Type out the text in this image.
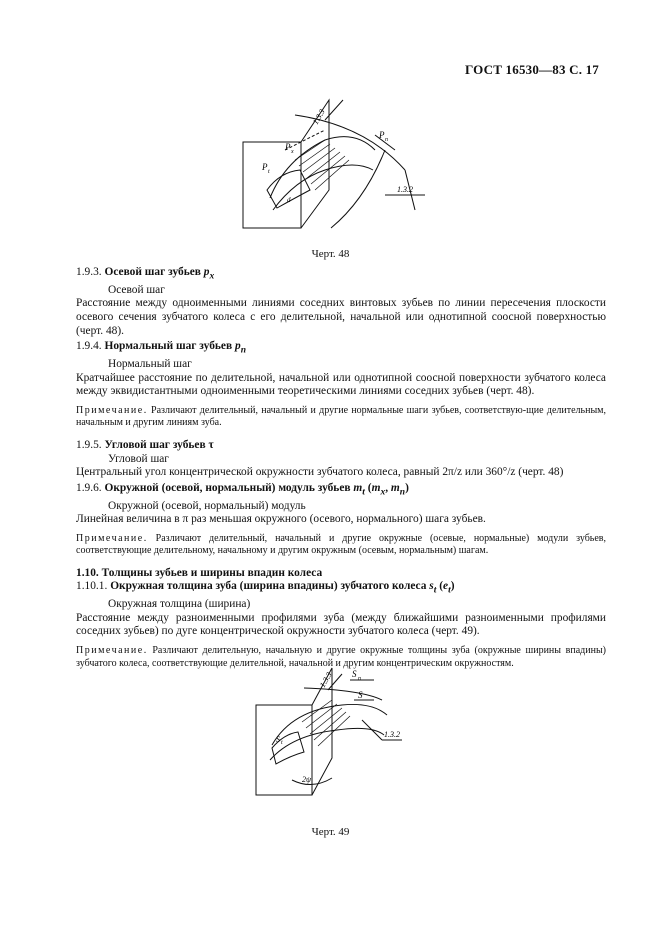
ГОСТ 16530—83 С. 17
1.3.3
1.3.2
P n
P x
P t
d
Черт. 48

1.9.3. Осевой шаг зубьев $p_x$

Осевой шаг

Расстояние между одноименными линиями соседних винтовых зубьев по линии пересечения плоскости осевого сечения зубчатого колеса с его делительной, начальной или однотипной соосной поверхностью (черт. 48).

1.9.4. Нормальный шаг зубьев $p_n$

Нормальный шаг

Кратчайшее расстояние по делительной, начальной или однотипной соосной поверхности зубчатого колеса между эквидистантными одноименными теоретическими линиями соседних зубьев (черт. 48).

Примечание. Различают делительный, начальный и другие нормальные шаги зубьев, соответствую-щие делительным, начальным и другим линиям зуба.

1.9.5. Угловой шаг зубьев τ

Угловой шаг

Центральный угол концентрической окружности зубчатого колеса, равный 2π/z или 360°/z (черт. 48)

1.9.6. Окружной (осевой, нормальный) модуль зубьев $m_t$ ($m_x$, $m_n$)

Окружной (осевой, нормальный) модуль

Линейная величина в π раз меньшая окружного (осевого, нормального) шага зубьев.

Примечание. Различают делительный, начальный и другие окружные (осевые, нормальные) модули зубьев, соответствующие делительному, начальному и другим окружным (осевым, нормальным) шагам.

1.10. Толщины зубьев и ширины впадин колеса

1.10.1. Окружная толщина зуба (ширина впадины) зубчатого колеса $s_t$ $(e_t)$

Окружная толщина (ширина)

Расстояние между разноименными профилями зуба (между ближайшими разноименными профилями соседних зубьев) по дуге концентрической окружности зубчатого колеса (черт. 49).

Примечание. Различают делительную, начальную и другие окружные толщины зуба (окружные ширины впадины) зубчатого колеса, соответствующие делительной, начальной и другим концентрическим окружностям.

1.3.3 S n
S
1.3.2
2ψ
S t
Черт. 49
